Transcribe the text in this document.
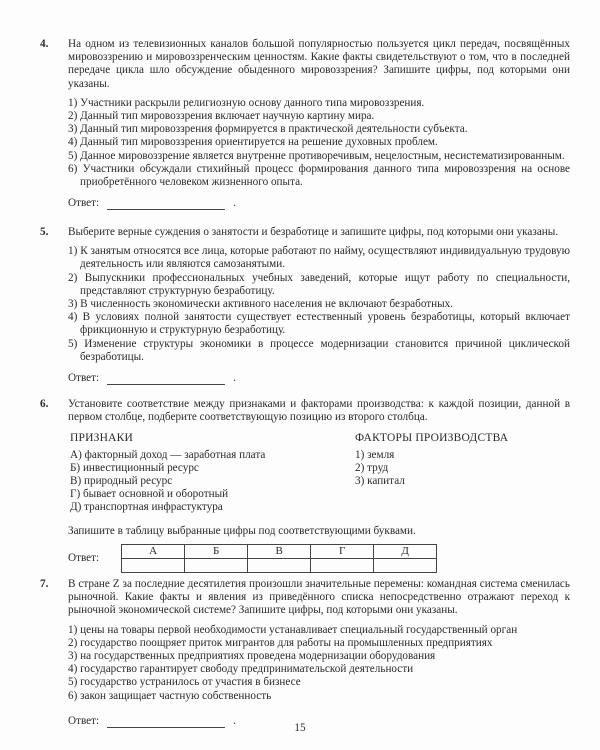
4. На одном из телевизионных каналов большой популярностью пользуется цикл передач, посвящённых мировоззрению и мировоззренческим ценностям. Какие факты свидетельствуют о том, что в последней передаче цикла шло обсуждение обыденного мировоззрения? Запишите цифры, под которыми они указаны.

1) Участники раскрыли религиозную основу данного типа мировоззрения.
2) Данный тип мировоззрения включает научную картину мира.
3) Данный тип мировоззрения формируется в практической деятельности субъекта.
4) Данный тип мировоззрения ориентируется на решение духовных проблем.
5) Данное мировоззрение является внутренне противоречивым, нецелостным, несистематизированным.
6) Участники обсуждали стихийный процесс формирования данного типа мировоззрения на основе приобретённого человеком жизненного опыта.
Ответ:	.
5. Выберите верные суждения о занятости и безработице и запишите цифры, под которыми они указаны.

1) К занятым относятся все лица, которые работают по найму, осуществляют индивидуальную трудовую деятельность или являются самозанятыми.
2) Выпускники профессиональных учебных заведений, которые ищут работу по специальности, представляют структурную безработицу.
3) В численность экономически активного населения не включают безработных.
4) В условиях полной занятости существует естественный уровень безработицы, который включает фрикционную и структурную безработицу.
5) Изменение структуры экономики в процессе модернизации становится причиной циклической безработицы.
Ответ:	.
6. Установите соответствие между признаками и факторами производства: к каждой позиции, данной в первом столбце, подберите соответствующую позицию из второго столбца.

ПРИЗНАКИ
А) факторный доход — заработная плата
Б) инвестиционный ресурс
В) природный ресурс
Г) бывает основной и оборотный
Д) транспортная инфрастуктура
ФАКТОРЫ ПРОИЗВОДСТВА
1) земля
2) труд
3) капитал

Запишите в таблицу выбранные цифры под соответствующими буквами.

Ответ:
А	Б	В	Г	Д

7. В стране Z за последние десятилетия произошли значительные перемены: командная система сменилась рыночной. Какие факты и явления из приведённого списка непосредственно отражают переход к рыночной экономической системе? Запишите цифры, под которыми они указаны.

1) цены на товары первой необходимости устанавливает специальный государственный орган
2) государство поощряет приток мигрантов для работы на промышленных предприятиях
3) на государственных предприятиях проведена модернизации оборудования
4) государство гарантирует свободу предпринимательской деятельности
5) государство устранилось от участия в бизнесе
6) закон защищает частную собственность
Ответ:	.
15
